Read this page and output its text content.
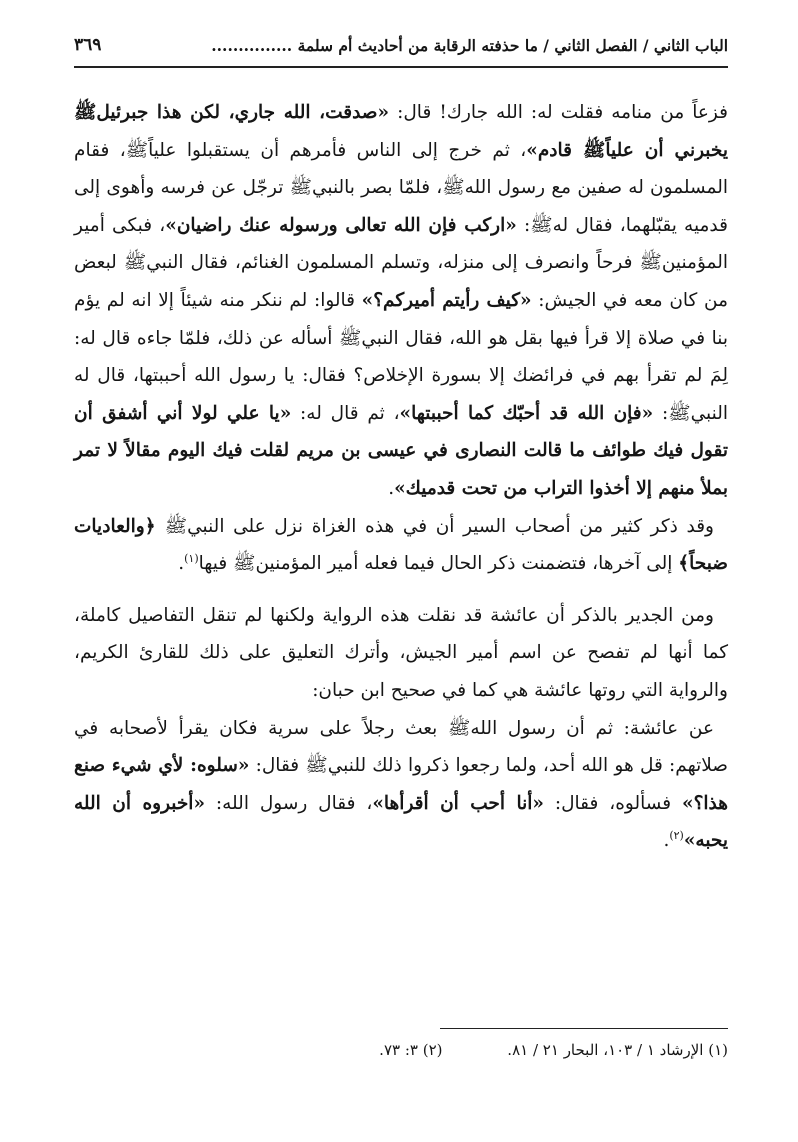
الباب الثاني / الفصل الثاني / ما حذفته الرقابة من أحاديث أم سلمة ...............
٣٦٩

فزعاً من منامه فقلت له: الله جارك! قال: «صدقت، الله جاري، لكن هذا جبرئيلﷺ يخبرني أن علياًﷺ قادم»، ثم خرج إلى الناس فأمرهم أن يستقبلوا علياًﷺ، فقام المسلمون له صفين مع رسول اللهﷺ، فلمّا بصر بالنبيﷺ ترجّل عن فرسه وأهوى إلى قدميه يقبّلهما، فقال لهﷺ: «اركب فإن الله تعالى ورسوله عنك راضيان»، فبكى أمير المؤمنينﷺ فرحاً وانصرف إلى منزله، وتسلم المسلمون الغنائم، فقال النبيﷺ لبعض من كان معه في الجيش: «كيف رأيتم أميركم؟» قالوا: لم ننكر منه شيئاً إلا انه لم يؤم بنا في صلاة إلا قرأ فيها بقل هو الله، فقال النبيﷺ أسأله عن ذلك، فلمّا جاءه قال له: لِمَ لم تقرأ بهم في فرائضك إلا بسورة الإخلاص؟ فقال: يا رسول الله أحببتها، قال له النبيﷺ: «فإن الله قد أحبّك كما أحببتها»، ثم قال له: «يا علي لولا أني أشفق أن تقول فيك طوائف ما قالت النصارى في عيسى بن مريم لقلت فيك اليوم مقالاً لا تمر بملأ منهم إلا أخذوا التراب من تحت قدميك».

وقد ذكر كثير من أصحاب السير أن في هذه الغزاة نزل على النبيﷺ ﴿والعاديات ضبحاً﴾ إلى آخرها، فتضمنت ذكر الحال فيما فعله أمير المؤمنينﷺ فيها$^{(١)}$.

ومن الجدير بالذكر أن عائشة قد نقلت هذه الرواية ولكنها لم تنقل التفاصيل كاملة، كما أنها لم تفصح عن اسم أمير الجيش، وأترك التعليق على ذلك للقارئ الكريم، والرواية التي روتها عائشة هي كما في صحيح ابن حبان:

عن عائشة: ثم أن رسول اللهﷺ بعث رجلاً على سرية فكان يقرأ لأصحابه في صلاتهم: قل هو الله أحد، ولما رجعوا ذكروا ذلك للنبيﷺ فقال: «سلوه: لأي شيء صنع هذا؟» فسألوه، فقال: «أنا أحب أن أقرأها»، فقال رسول الله: «أخبروه أن الله يحبه»$^{(٢)}$.

(١) الإرشاد ١ / ١٠٣، البحار ٢١ / ٨١. (٢) ٣: ٧٣.
